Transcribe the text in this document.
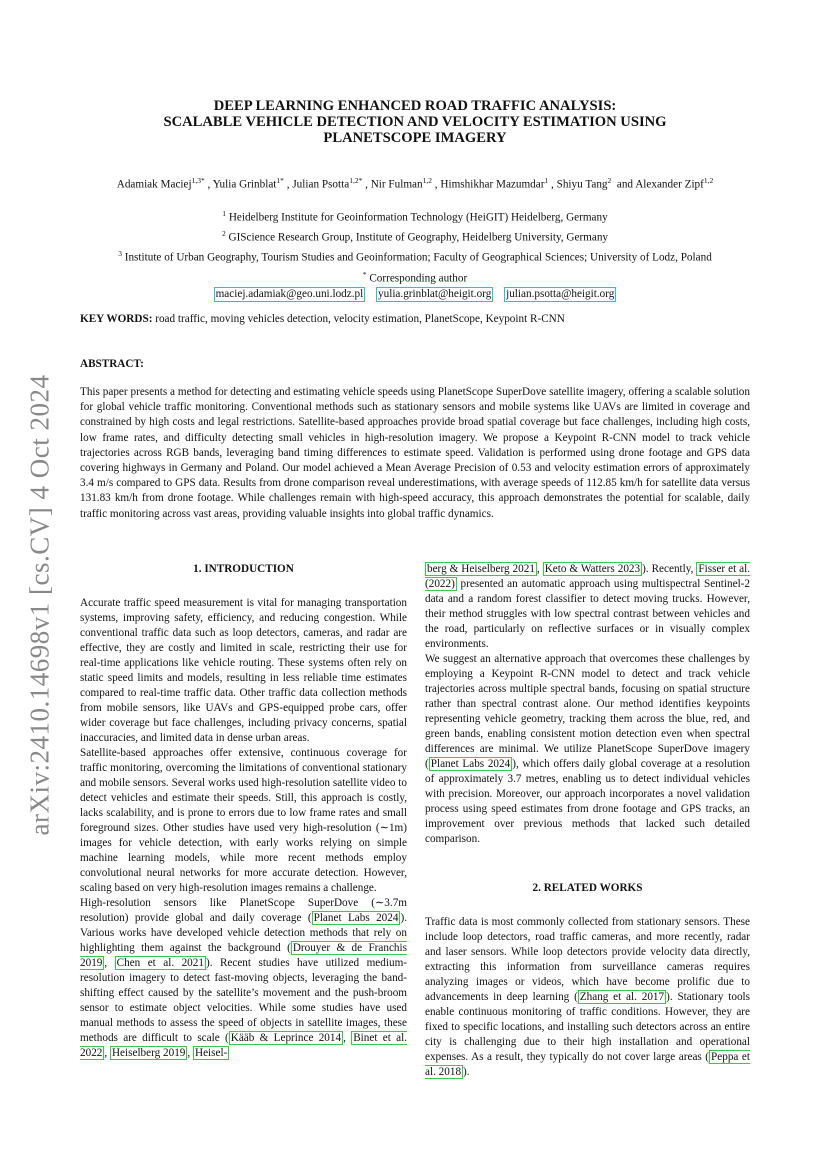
arXiv:2410.14698v1 [cs.CV] 4 Oct 2024
DEEP LEARNING ENHANCED ROAD TRAFFIC ANALYSIS:
SCALABLE VEHICLE DETECTION AND VELOCITY ESTIMATION USING
PLANETSCOPE IMAGERY
Adamiak Maciej$^{1,3*}$ , Yulia Grinblat$^{1*}$ , Julian Psotta$^{1,2*}$ , Nir Fulman$^{1,2}$ , Himshikhar Mazumdar$^1$ , Shiyu Tang$^2$  and Alexander Zipf$^{1,2}$
$^1$ Heidelberg Institute for Geoinformation Technology (HeiGIT) Heidelberg, Germany
$^2$ GIScience Research Group, Institute of Geography, Heidelberg University, Germany
$^3$ Institute of Urban Geography, Tourism Studies and Geoinformation; Faculty of Geographical Sciences; University of Lodz, Poland
* Corresponding author
maciej.adamiak@geo.uni.lodz.pl yulia.grinblat@heigit.org julian.psotta@heigit.org
KEY WORDS: road traffic, moving vehicles detection, velocity estimation, PlanetScope, Keypoint R-CNN
ABSTRACT:

This paper presents a method for detecting and estimating vehicle speeds using PlanetScope SuperDove satellite imagery, offering a scalable solution for global vehicle traffic monitoring. Conventional methods such as stationary sensors and mobile systems like UAVs are limited in coverage and constrained by high costs and legal restrictions. Satellite-based approaches provide broad spatial coverage but face challenges, including high costs, low frame rates, and difficulty detecting small vehicles in high-resolution imagery. We propose a Keypoint R-CNN model to track vehicle trajectories across RGB bands, leveraging band timing differences to estimate speed. Validation is performed using drone footage and GPS data covering highways in Germany and Poland. Our model achieved a Mean Average Precision of 0.53 and velocity estimation errors of approximately 3.4 m/s compared to GPS data. Results from drone comparison reveal underestimations, with average speeds of 112.85 km/h for satellite data versus 131.83 km/h from drone footage. While challenges remain with high-speed accuracy, this approach demonstrates the potential for scalable, daily traffic monitoring across vast areas, providing valuable insights into global traffic dynamics.

1. INTRODUCTION

Accurate traffic speed measurement is vital for managing transportation systems, improving safety, efficiency, and reducing congestion. While conventional traffic data such as loop detectors, cameras, and radar are effective, they are costly and limited in scale, restricting their use for real-time applications like vehicle routing. These systems often rely on static speed limits and models, resulting in less reliable time estimates compared to real-time traffic data. Other traffic data collection methods from mobile sensors, like UAVs and GPS-equipped probe cars, offer wider coverage but face challenges, including privacy concerns, spatial inaccuracies, and limited data in dense urban areas.

Satellite-based approaches offer extensive, continuous coverage for traffic monitoring, overcoming the limitations of conventional stationary and mobile sensors. Several works used high-resolution satellite video to detect vehicles and estimate their speeds. Still, this approach is costly, lacks scalability, and is prone to errors due to low frame rates and small foreground sizes. Other studies have used very high-resolution (∼1m) images for vehicle detection, with early works relying on simple machine learning models, while more recent methods employ convolutional neural networks for more accurate detection. However, scaling based on very high-resolution images remains a challenge.

High-resolution sensors like PlanetScope SuperDove (∼3.7m resolution) provide global and daily coverage ( Planet Labs 2024 ). Various works have developed vehicle detection methods that rely on highlighting them against the background ( Drouyer & de Franchis 2019 , Chen et al. 2021 ). Recent studies have utilized medium-resolution imagery to detect fast-moving objects, leveraging the band-shifting effect caused by the satellite’s movement and the push-broom sensor to estimate object velocities. While some studies have used manual methods to assess the speed of objects in satellite images, these methods are difficult to scale ( Kääb & Leprince 2014 , Binet et al. 2022 , Heiselberg 2019 , Heisel-

berg & Heiselberg 2021 , Keto & Watters 2023 ). Recently, Fisser et al. (2022) presented an automatic approach using multispectral Sentinel-2 data and a random forest classifier to detect moving trucks. However, their method struggles with low spectral contrast between vehicles and the road, particularly on reflective surfaces or in visually complex environments.

We suggest an alternative approach that overcomes these challenges by employing a Keypoint R-CNN model to detect and track vehicle trajectories across multiple spectral bands, focusing on spatial structure rather than spectral contrast alone. Our method identifies keypoints representing vehicle geometry, tracking them across the blue, red, and green bands, enabling consistent motion detection even when spectral differences are minimal. We utilize PlanetScope SuperDove imagery ( Planet Labs 2024 ), which offers daily global coverage at a resolution of approximately 3.7 metres, enabling us to detect individual vehicles with precision. Moreover, our approach incorporates a novel validation process using speed estimates from drone footage and GPS tracks, an improvement over previous methods that lacked such detailed comparison.

2. RELATED WORKS

Traffic data is most commonly collected from stationary sensors. These include loop detectors, road traffic cameras, and more recently, radar and laser sensors. While loop detectors provide velocity data directly, extracting this information from surveillance cameras requires analyzing images or videos, which have become prolific due to advancements in deep learning ( Zhang et al. 2017 ). Stationary tools enable continuous monitoring of traffic conditions. However, they are fixed to specific locations, and installing such detectors across an entire city is challenging due to their high installation and operational expenses. As a result, they typically do not cover large areas ( Peppa et al. 2018 ).
